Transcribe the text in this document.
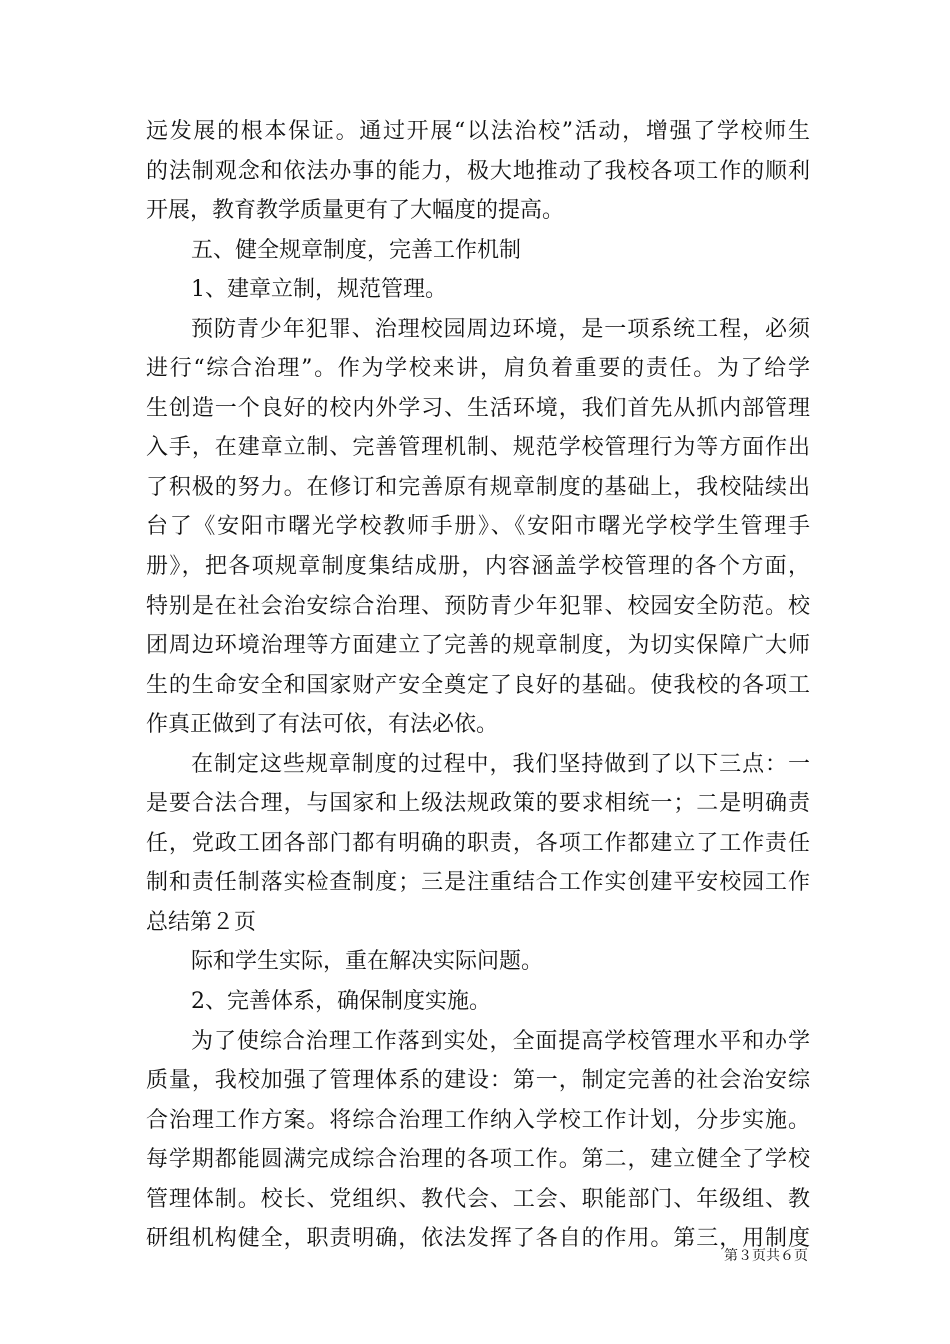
远发展的根本保证。通过开展“以法治校”活动，增强了学校师生
的法制观念和依法办事的能力，极大地推动了我校各项工作的顺利
开展，教育教学质量更有了大幅度的提高。
五、健全规章制度，完善工作机制
1、建章立制，规范管理。
预防青少年犯罪、治理校园周边环境，是一项系统工程，必须
进行“综合治理”。作为学校来讲，肩负着重要的责任。为了给学
生创造一个良好的校内外学习、生活环境，我们首先从抓内部管理
入手，在建章立制、完善管理机制、规范学校管理行为等方面作出
了积极的努力。在修订和完善原有规章制度的基础上，我校陆续出
台了《安阳市曙光学校教师手册》、《安阳市曙光学校学生管理手
册》，把各项规章制度集结成册，内容涵盖学校管理的各个方面，
特别是在社会治安综合治理、预防青少年犯罪、校园安全防范。校
团周边环境治理等方面建立了完善的规章制度，为切实保障广大师
生的生命安全和国家财产安全奠定了良好的基础。使我校的各项工
作真正做到了有法可依，有法必依。
在制定这些规章制度的过程中，我们坚持做到了以下三点：一
是要合法合理，与国家和上级法规政策的要求相统一；二是明确责
任，党政工团各部门都有明确的职责，各项工作都建立了工作责任
制和责任制落实检查制度；三是注重结合工作实创建平安校园工作
总结第２页
际和学生实际，重在解决实际问题。
2、完善体系，确保制度实施。
为了使综合治理工作落到实处，全面提高学校管理水平和办学
质量，我校加强了管理体系的建设：第一，制定完善的社会治安综
合治理工作方案。将综合治理工作纳入学校工作计划，分步实施。
每学期都能圆满完成综合治理的各项工作。第二，建立健全了学校
管理体制。校长、党组织、教代会、工会、职能部门、年级组、教
研组机构健全，职责明确，依法发挥了各自的作用。第三，用制度
第３页共６页
